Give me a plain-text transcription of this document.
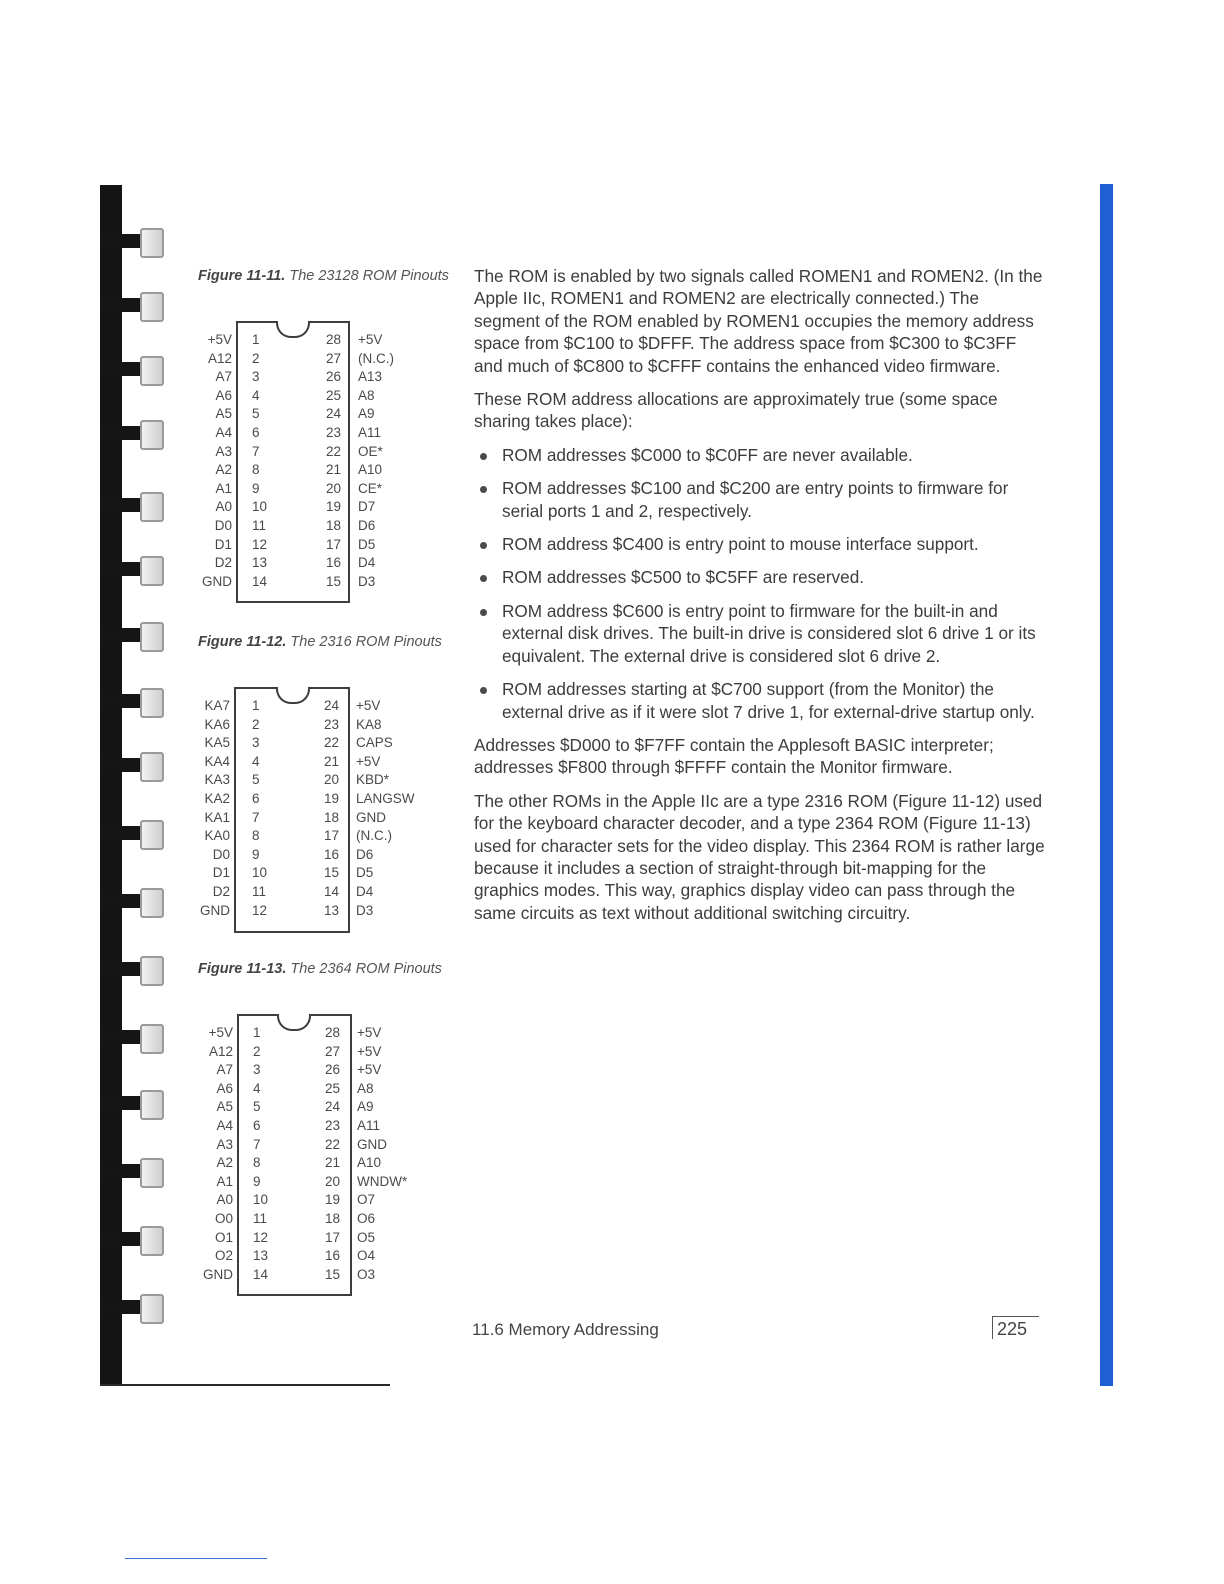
Figure 11-11. The 23128 ROM Pinouts
Figure 11-12. The 2316 ROM Pinouts
Figure 11-13. The 2364 ROM Pinouts
+5V 1	28 +5V
A12 2	27 (N.C.)
A7 3	26 A13
A6 4	25 A8
A5 5	24 A9
A4 6	23 A11
A3 7	22 OE*
A2 8	21 A10
A1 9	20 CE*
A0 10	19 D7
D0 11	18 D6
D1 12	17 D5
D2 13	16 D4
GND 14	15 D3
KA7 1	24 +5V
KA6 2	23 KA8
KA5 3	22 CAPS
KA4 4	21 +5V
KA3 5	20 KBD*
KA2 6	19 LANGSW
KA1 7	18 GND
KA0 8	17 (N.C.)
D0 9	16 D6
D1 10	15 D5
D2 11	14 D4
GND 12	13 D3
+5V 1	28 +5V
A12 2	27 +5V
A7 3	26 +5V
A6 4	25 A8
A5 5	24 A9
A4 6	23 A11
A3 7	22 GND
A2 8	21 A10
A1 9	20 WNDW*
A0 10	19 O7
O0 11	18 O6
O1 12	17 O5
O2 13	16 O4
GND 14	15 O3

The ROM is enabled by two signals called ROMEN1 and ROMEN2. (In the Apple IIc, ROMEN1 and ROMEN2 are electrically connected.) The segment of the ROM enabled by ROMEN1 occupies the memory address space from $C100 to $DFFF. The address space from $C300 to $C3FF and much of $C800 to $CFFF contains the enhanced video firmware.

These ROM address allocations are approximately true (some space sharing takes place):

ROM addresses $C000 to $C0FF are never available.
ROM addresses $C100 and $C200 are entry points to firmware for serial ports 1 and 2, respectively.
ROM address $C400 is entry point to mouse interface support.
ROM addresses $C500 to $C5FF are reserved.
ROM address $C600 is entry point to firmware for the built-in and external disk drives. The built-in drive is considered slot 6 drive 1 or its equivalent. The external drive is considered slot 6 drive 2.
ROM addresses starting at $C700 support (from the Monitor) the external drive as if it were slot 7 drive 1, for external-drive startup only.

Addresses $D000 to $F7FF contain the Applesoft BASIC interpreter; addresses $F800 through $FFFF contain the Monitor firmware.

The other ROMs in the Apple IIc are a type 2316 ROM (Figure 11-12) used for the keyboard character decoder, and a type 2364 ROM (Figure 11-13) used for character sets for the video display. This 2364 ROM is rather large because it includes a section of straight-through bit-mapping for the graphics modes. This way, graphics display video can pass through the same circuits as text without additional switching circuitry.

11.6 Memory Addressing	225
